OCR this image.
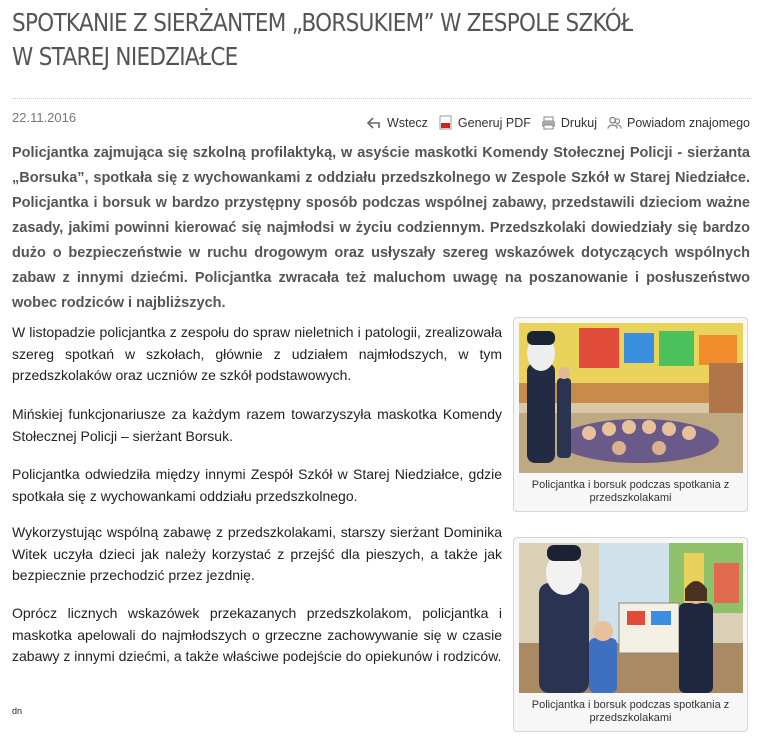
SPOTKANIE Z SIERŻANTEM „BORSUKIEM” W ZESPOLE SZKÓŁ W STAREJ NIEDZIAŁCE
22.11.2016	Wstecz Generuj PDF Drukuj Powiadom znajomego
Policjantka zajmująca się szkolną profilaktyką, w asyście maskotki Komendy Stołecznej Policji - sierżanta „Borsuka”, spotkała się z wychowankami z oddziału przedszkolnego w Zespole Szkół w Starej Niedziałce. Policjantka i borsuk w bardzo przystępny sposób podczas wspólnej zabawy, przedstawili dzieciom ważne zasady, jakimi powinni kierować się najmłodsi w życiu codziennym. Przedszkolaki dowiedziały się bardzo dużo o bezpieczeństwie w ruchu drogowym oraz usłyszały szereg wskazówek dotyczących wspólnych zabaw z innymi dziećmi. Policjantka zwracała też maluchom uwagę na poszanowanie i posłuszeństwo wobec rodziców i najbliższych.

W listopadzie policjantka z zespołu do spraw nieletnich i patologii, zrealizowała szereg spotkań w szkołach, głównie z udziałem najmłodszych, w tym przedszkolaków oraz uczniów ze szkół podstawowych.

Mińskiej funkcjonariusze za każdym razem towarzyszyła maskotka Komendy Stołecznej Policji – sierżant Borsuk.

Policjantka odwiedziła między innymi Zespół Szkół w Starej Niedziałce, gdzie spotkała się z wychowankami oddziału przedszkolnego.

Wykorzystując wspólną zabawę z przedszkolakami, starszy sierżant Dominika Witek uczyła dzieci jak należy korzystać z przejść dla pieszych, a także jak bezpiecznie przechodzić przez jezdnię.

Oprócz licznych wskazówek przekazanych przedszkolakom, policjantka i maskotka apelowali do najmłodszych o grzeczne zachowywanie się w czasie zabawy z innymi dziećmi, a także właściwe podejście do opiekunów i rodziców.

dn
Policjantka i borsuk podczas spotkania z przedszkolakami
Policjantka i borsuk podczas spotkania z przedszkolakami
